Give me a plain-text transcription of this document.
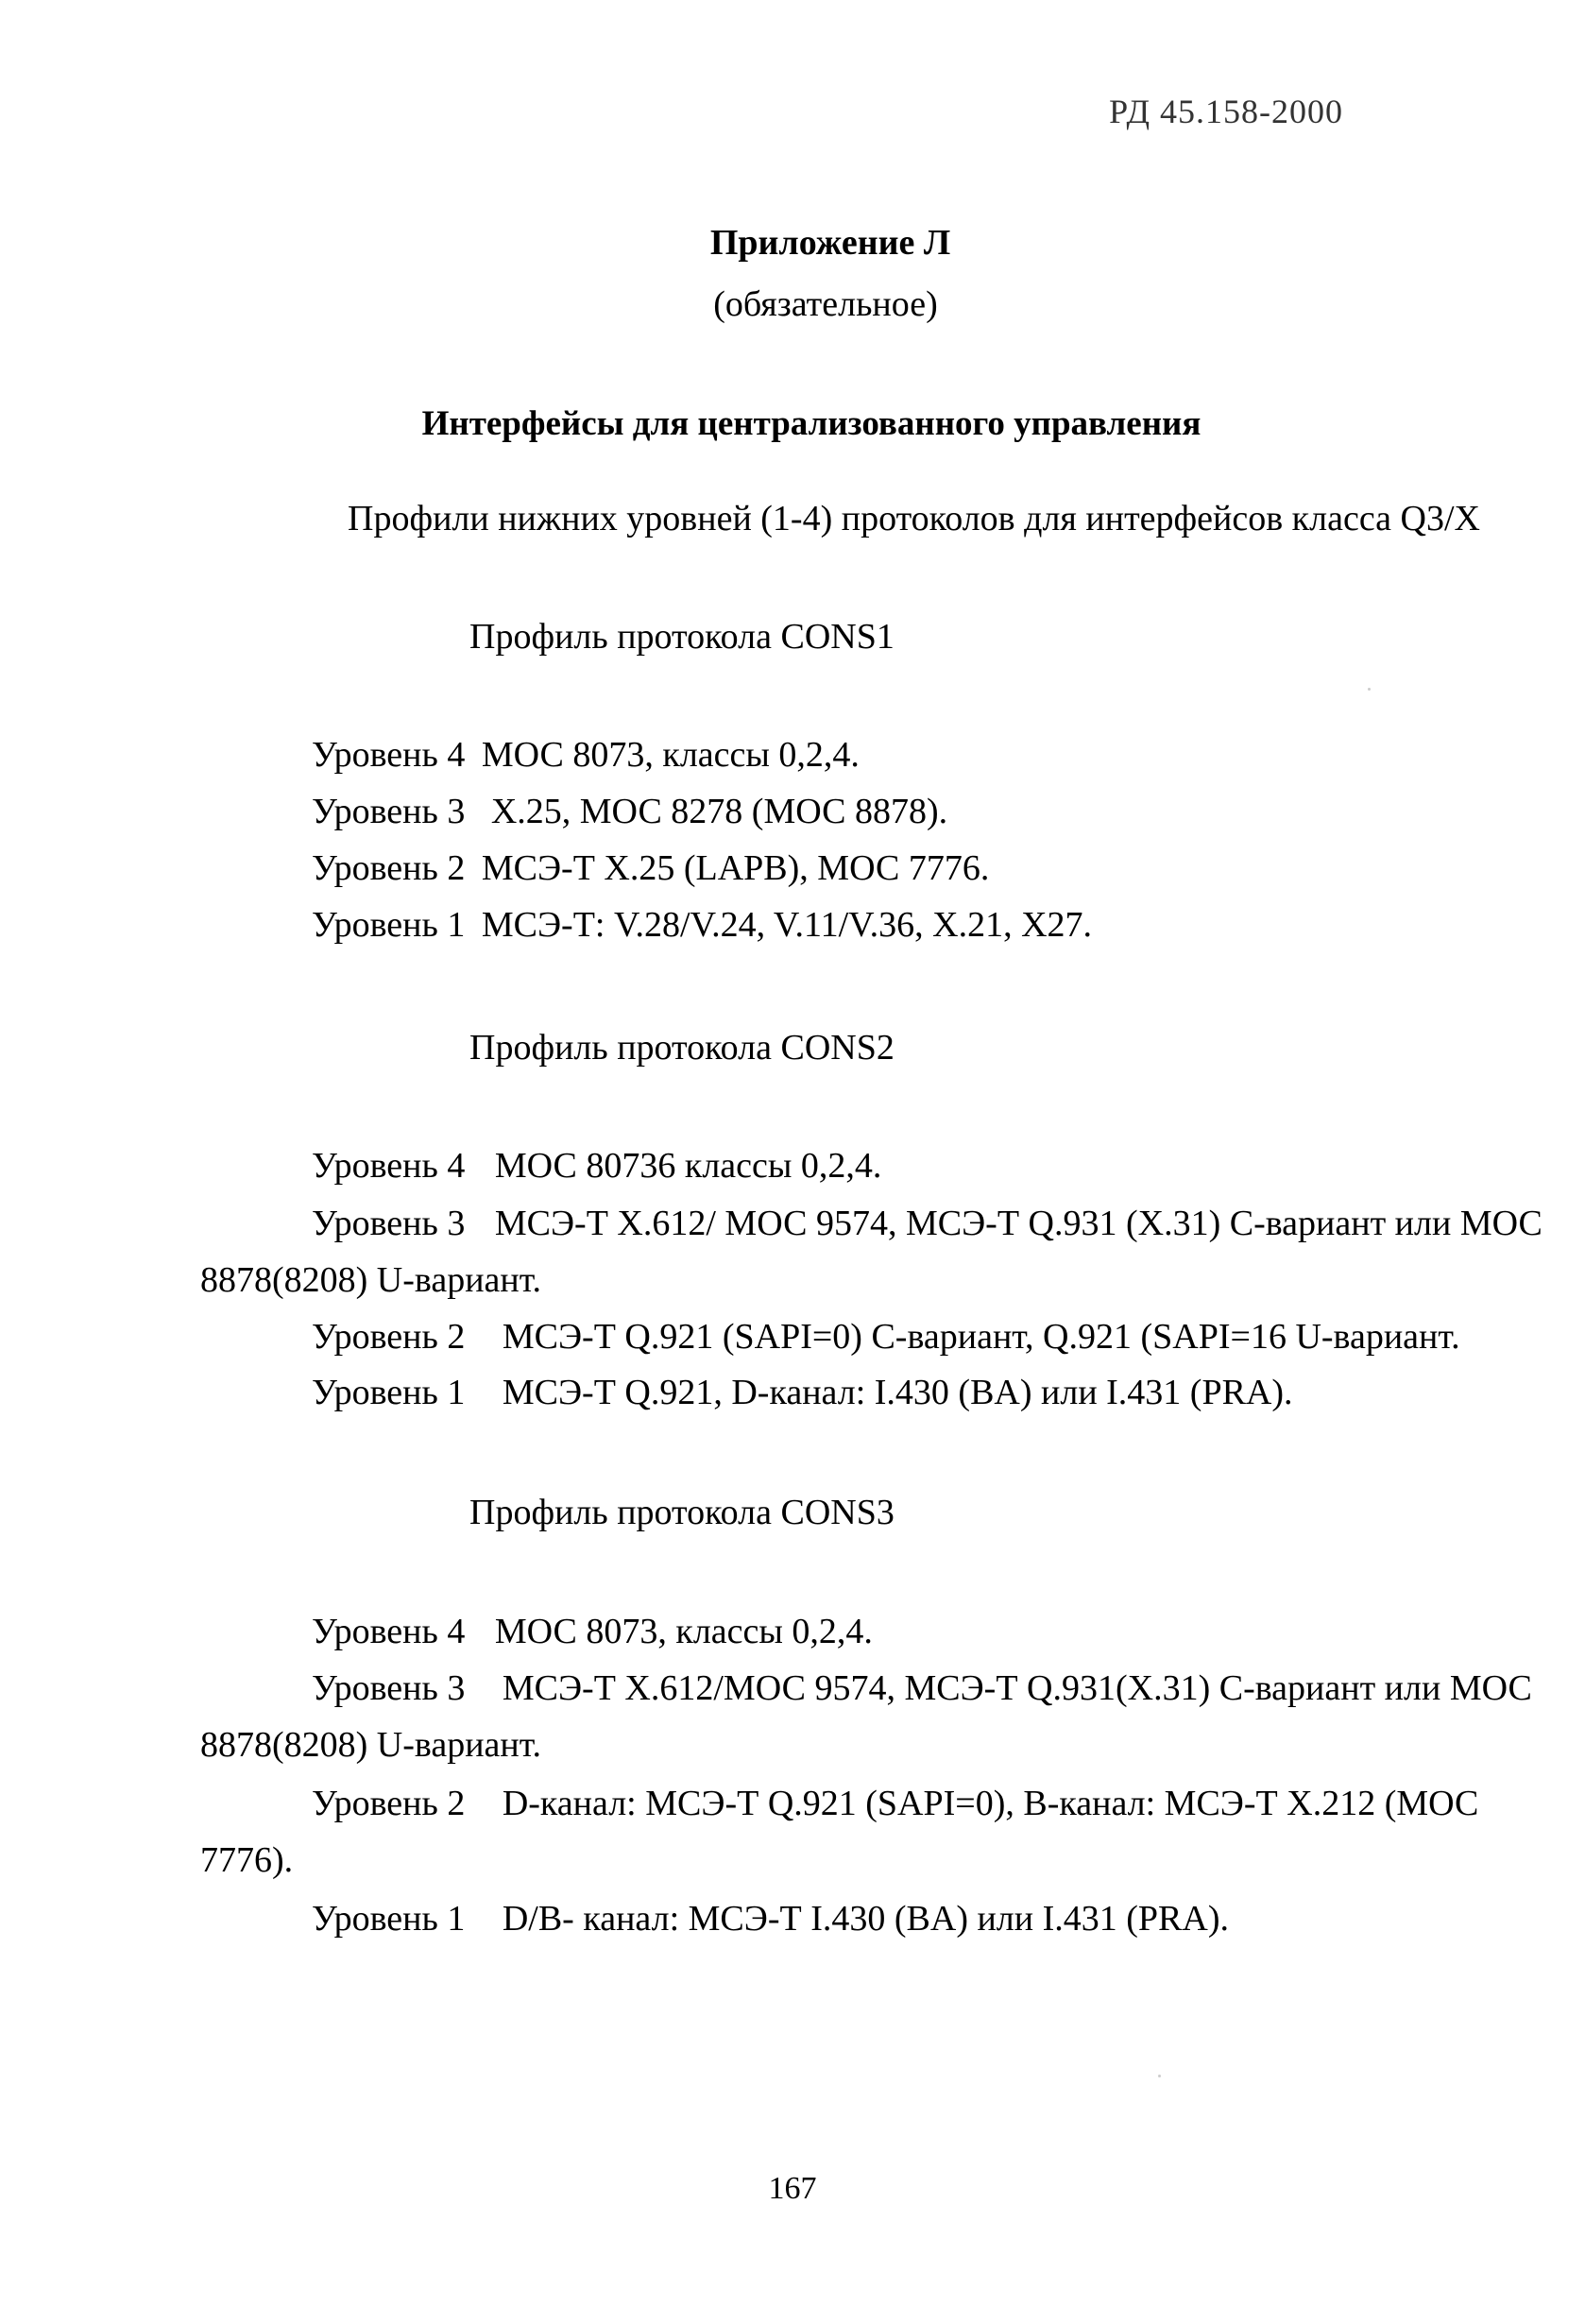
РД 45.158-2000
Приложение Л
(обязательное)
Интерфейсы для централизованного управления
Профили нижних уровней (1-4) протоколов для интерфейсов класса Q3/X
Профиль протокола CONS1
Уровень 4 МОС 8073, классы 0,2,4.
Уровень 3 X.25, МОС 8278 (МОС 8878).
Уровень 2 МСЭ-Т X.25 (LAPB), МОС 7776.
Уровень 1 МСЭ-Т: V.28/V.24, V.11/V.36, X.21, X27.
Профиль протокола CONS2
Уровень 4 МОС 80736 классы 0,2,4.
Уровень 3 МСЭ-Т X.612/ МОС 9574, МСЭ-Т Q.931 (X.31) С-вариант или МОС
8878(8208) U-вариант.
Уровень 2 МСЭ-Т Q.921 (SAPI=0) С-вариант, Q.921 (SAPI=16 U-вариант.
Уровень 1 МСЭ-Т Q.921, D-канал: I.430 (BA) или I.431 (PRA).
Профиль протокола CONS3
Уровень 4 МОС 8073, классы 0,2,4.
Уровень 3 МСЭ-Т X.612/МОС 9574, МСЭ-Т Q.931(X.31) С-вариант или МОС
8878(8208) U-вариант.
Уровень 2 D-канал: МСЭ-Т Q.921 (SAPI=0), В-канал: МСЭ-Т X.212 (МОС
7776).
Уровень 1 D/B- канал: МСЭ-Т I.430 (BA) или I.431 (PRA).
167
